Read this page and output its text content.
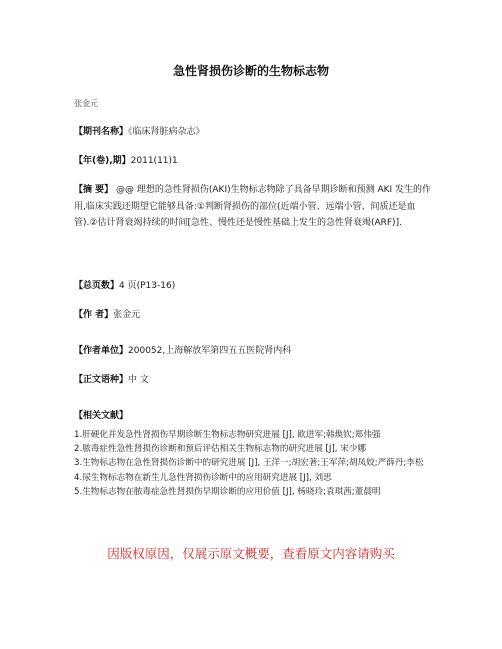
急性肾损伤诊断的生物标志物
张金元
【期刊名称】《临床肾脏病杂志》
【年(卷),期】2011(11)1
【摘 要】 @@ 理想的急性肾损伤(AKI)生物标志物除了具备早期诊断和预测 AKI 发生的作用,临床实践还期望它能够具备:①判断肾损伤的部位(近端小管、远端小管、间质还是血管).②估计肾衰竭持续的时间[急性、慢性还是慢性基础上发生的急性肾衰竭(ARF)].
【总页数】4 页(P13-16)
【作 者】张金元
【作者单位】200052,上海解放军第四五五医院肾内科
【正文语种】中 文
【相关文献】
1.肝硬化并发急性肾损伤早期诊断生物标志物研究进展 [J], 欧进军;韩焕钦;郑伟强
2.脓毒症性急性肾损伤诊断和预后评估相关生物标志物的研究进展 [J], 宋少娜
3.生物标志物在急性肾损伤诊断中的研究进展 [J], 王洋一;胡宏著;王军萍;胡凤姣;严薛丹;李松
4.尿生物标志物在新生儿急性肾损伤诊断中的应用研究进展 [J], 刘思
5.生物标志物在脓毒症急性肾损伤早期诊断的应用价值 [J], 杨晓玲;袁琪茜;董晨明
因版权原因，仅展示原文概要，查看原文内容请购买
